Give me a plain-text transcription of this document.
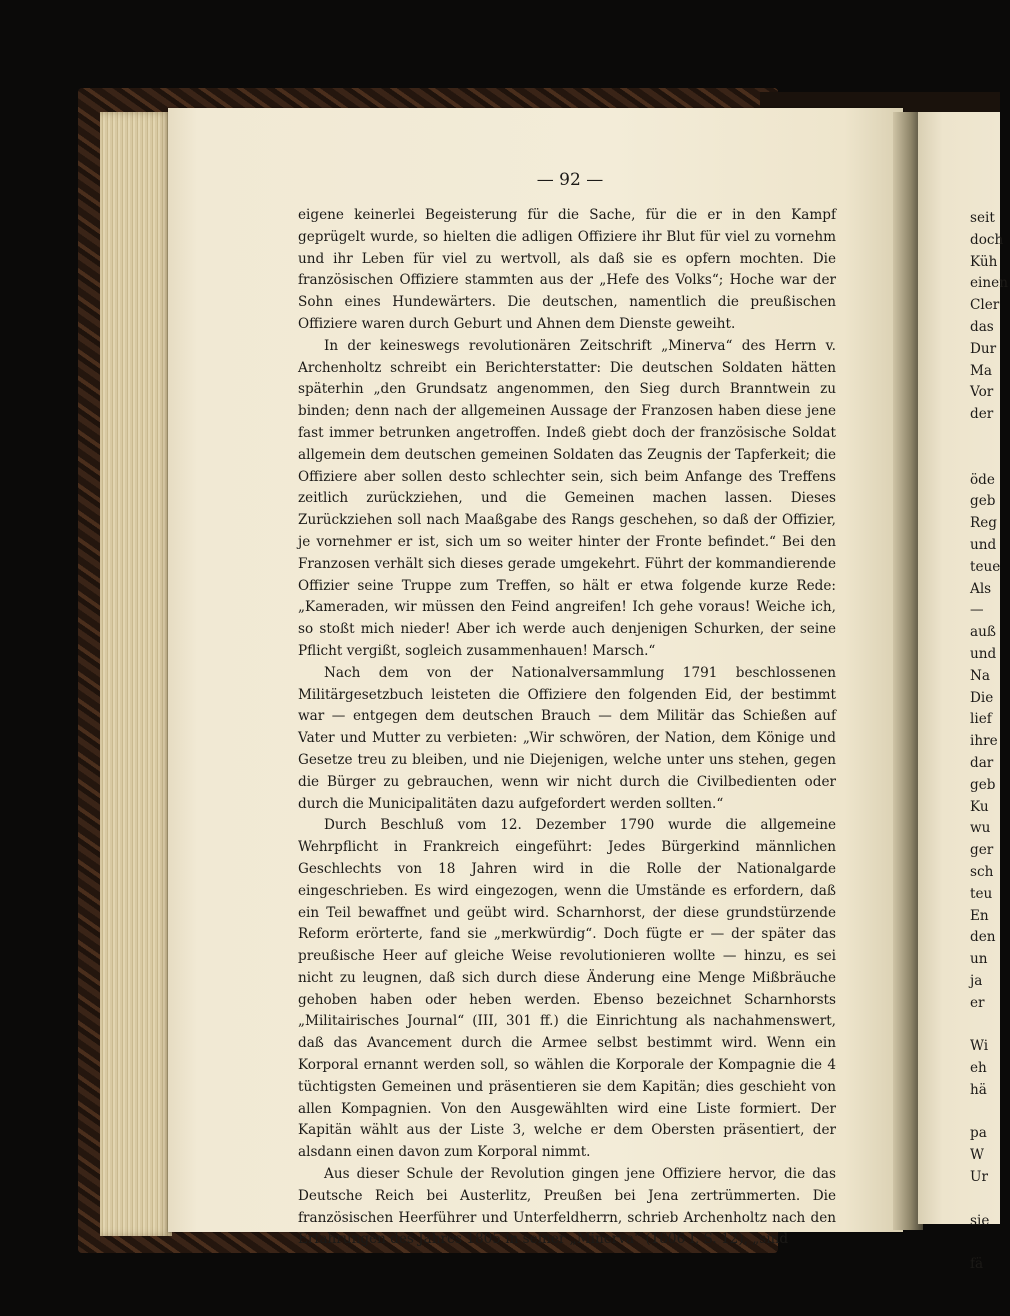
— 92 —

eigene keinerlei Begeisterung für die Sache, für die er in den Kampf geprügelt wurde, so hielten die adligen Offiziere ihr Blut für viel zu vornehm und ihr Leben für viel zu wertvoll, als daß sie es opfern mochten. Die französischen Offiziere stammten aus der „Hefe des Volks“; Hoche war der Sohn eines Hundewärters. Die deutschen, namentlich die preußischen Offiziere waren durch Geburt und Ahnen dem Dienste geweiht.

In der keineswegs revolutionären Zeitschrift „Minerva“ des Herrn v. Archenholtz schreibt ein Berichterstatter: Die deutschen Soldaten hätten späterhin „den Grundsatz angenommen, den Sieg durch Branntwein zu binden; denn nach der allgemeinen Aussage der Franzosen haben diese jene fast immer betrunken angetroffen. Indeß giebt doch der französische Soldat allgemein dem deutschen gemeinen Soldaten das Zeugnis der Tapferkeit; die Offiziere aber sollen desto schlechter sein, sich beim Anfange des Treffens zeitlich zurückziehen, und die Gemeinen machen lassen. Dieses Zurückziehen soll nach Maaßgabe des Rangs geschehen, so daß der Offizier, je vornehmer er ist, sich um so weiter hinter der Fronte befindet.“ Bei den Franzosen verhält sich dieses gerade umgekehrt. Führt der kommandierende Offizier seine Truppe zum Treffen, so hält er etwa folgende kurze Rede: „Kameraden, wir müssen den Feind angreifen! Ich gehe voraus! Weiche ich, so stoßt mich nieder! Aber ich werde auch denjenigen Schurken, der seine Pflicht vergißt, sogleich zusammenhauen! Marsch.“

Nach dem von der Nationalversammlung 1791 beschlossenen Militärgesetzbuch leisteten die Offiziere den folgenden Eid, der bestimmt war — entgegen dem deutschen Brauch — dem Militär das Schießen auf Vater und Mutter zu verbieten: „Wir schwören, der Nation, dem Könige und Gesetze treu zu bleiben, und nie Diejenigen, welche unter uns stehen, gegen die Bürger zu gebrauchen, wenn wir nicht durch die Civilbedienten oder durch die Municipalitäten dazu aufgefordert werden sollten.“

Durch Beschluß vom 12. Dezember 1790 wurde die allgemeine Wehrpflicht in Frankreich eingeführt: Jedes Bürgerkind männlichen Geschlechts von 18 Jahren wird in die Rolle der Nationalgarde eingeschrieben. Es wird eingezogen, wenn die Umstände es erfordern, daß ein Teil bewaffnet und geübt wird. Scharnhorst, der diese grundstürzende Reform erörterte, fand sie „merkwürdig“. Doch fügte er — der später das preußische Heer auf gleiche Weise revolutionieren wollte — hinzu, es sei nicht zu leugnen, daß sich durch diese Änderung eine Menge Mißbräuche gehoben haben oder heben werden. Ebenso bezeichnet Scharnhorsts „Militairisches Journal“ (III, 301 ff.) die Einrichtung als nachahmenswert, daß das Avancement durch die Armee selbst bestimmt wird. Wenn ein Korporal ernannt werden soll, so wählen die Korporale der Kompagnie die 4 tüchtigsten Gemeinen und präsentieren sie dem Kapitän; dies geschieht von allen Kompagnien. Von den Ausgewählten wird eine Liste formiert. Der Kapitän wählt aus der Liste 3, welche er dem Obersten präsentiert, der alsdann einen davon zum Korporal nimmt.

Aus dieser Schule der Revolution gingen jene Offiziere hervor, die das Deutsche Reich bei Austerlitz, Preußen bei Jena zertrümmerten. Die französischen Heerführer und Unterfeldherrn, schrieb Archenholtz nach den Erfahrungen des Jahres 1805 in seiner „Minerva“ (1806 I, S. 12), „sind

seit
doch
Küh
einen
Cler
das
Dur
Ma
Vor
der
öde
geb
Reg
und
teue
Als
—
auß
und
Na
Die
lief
ihre
dar
geb
Ku
wu
ger
sch
teu
En
den
un
ja
er
Wi
eh
hä
pa
W
Ur
sie
fä
